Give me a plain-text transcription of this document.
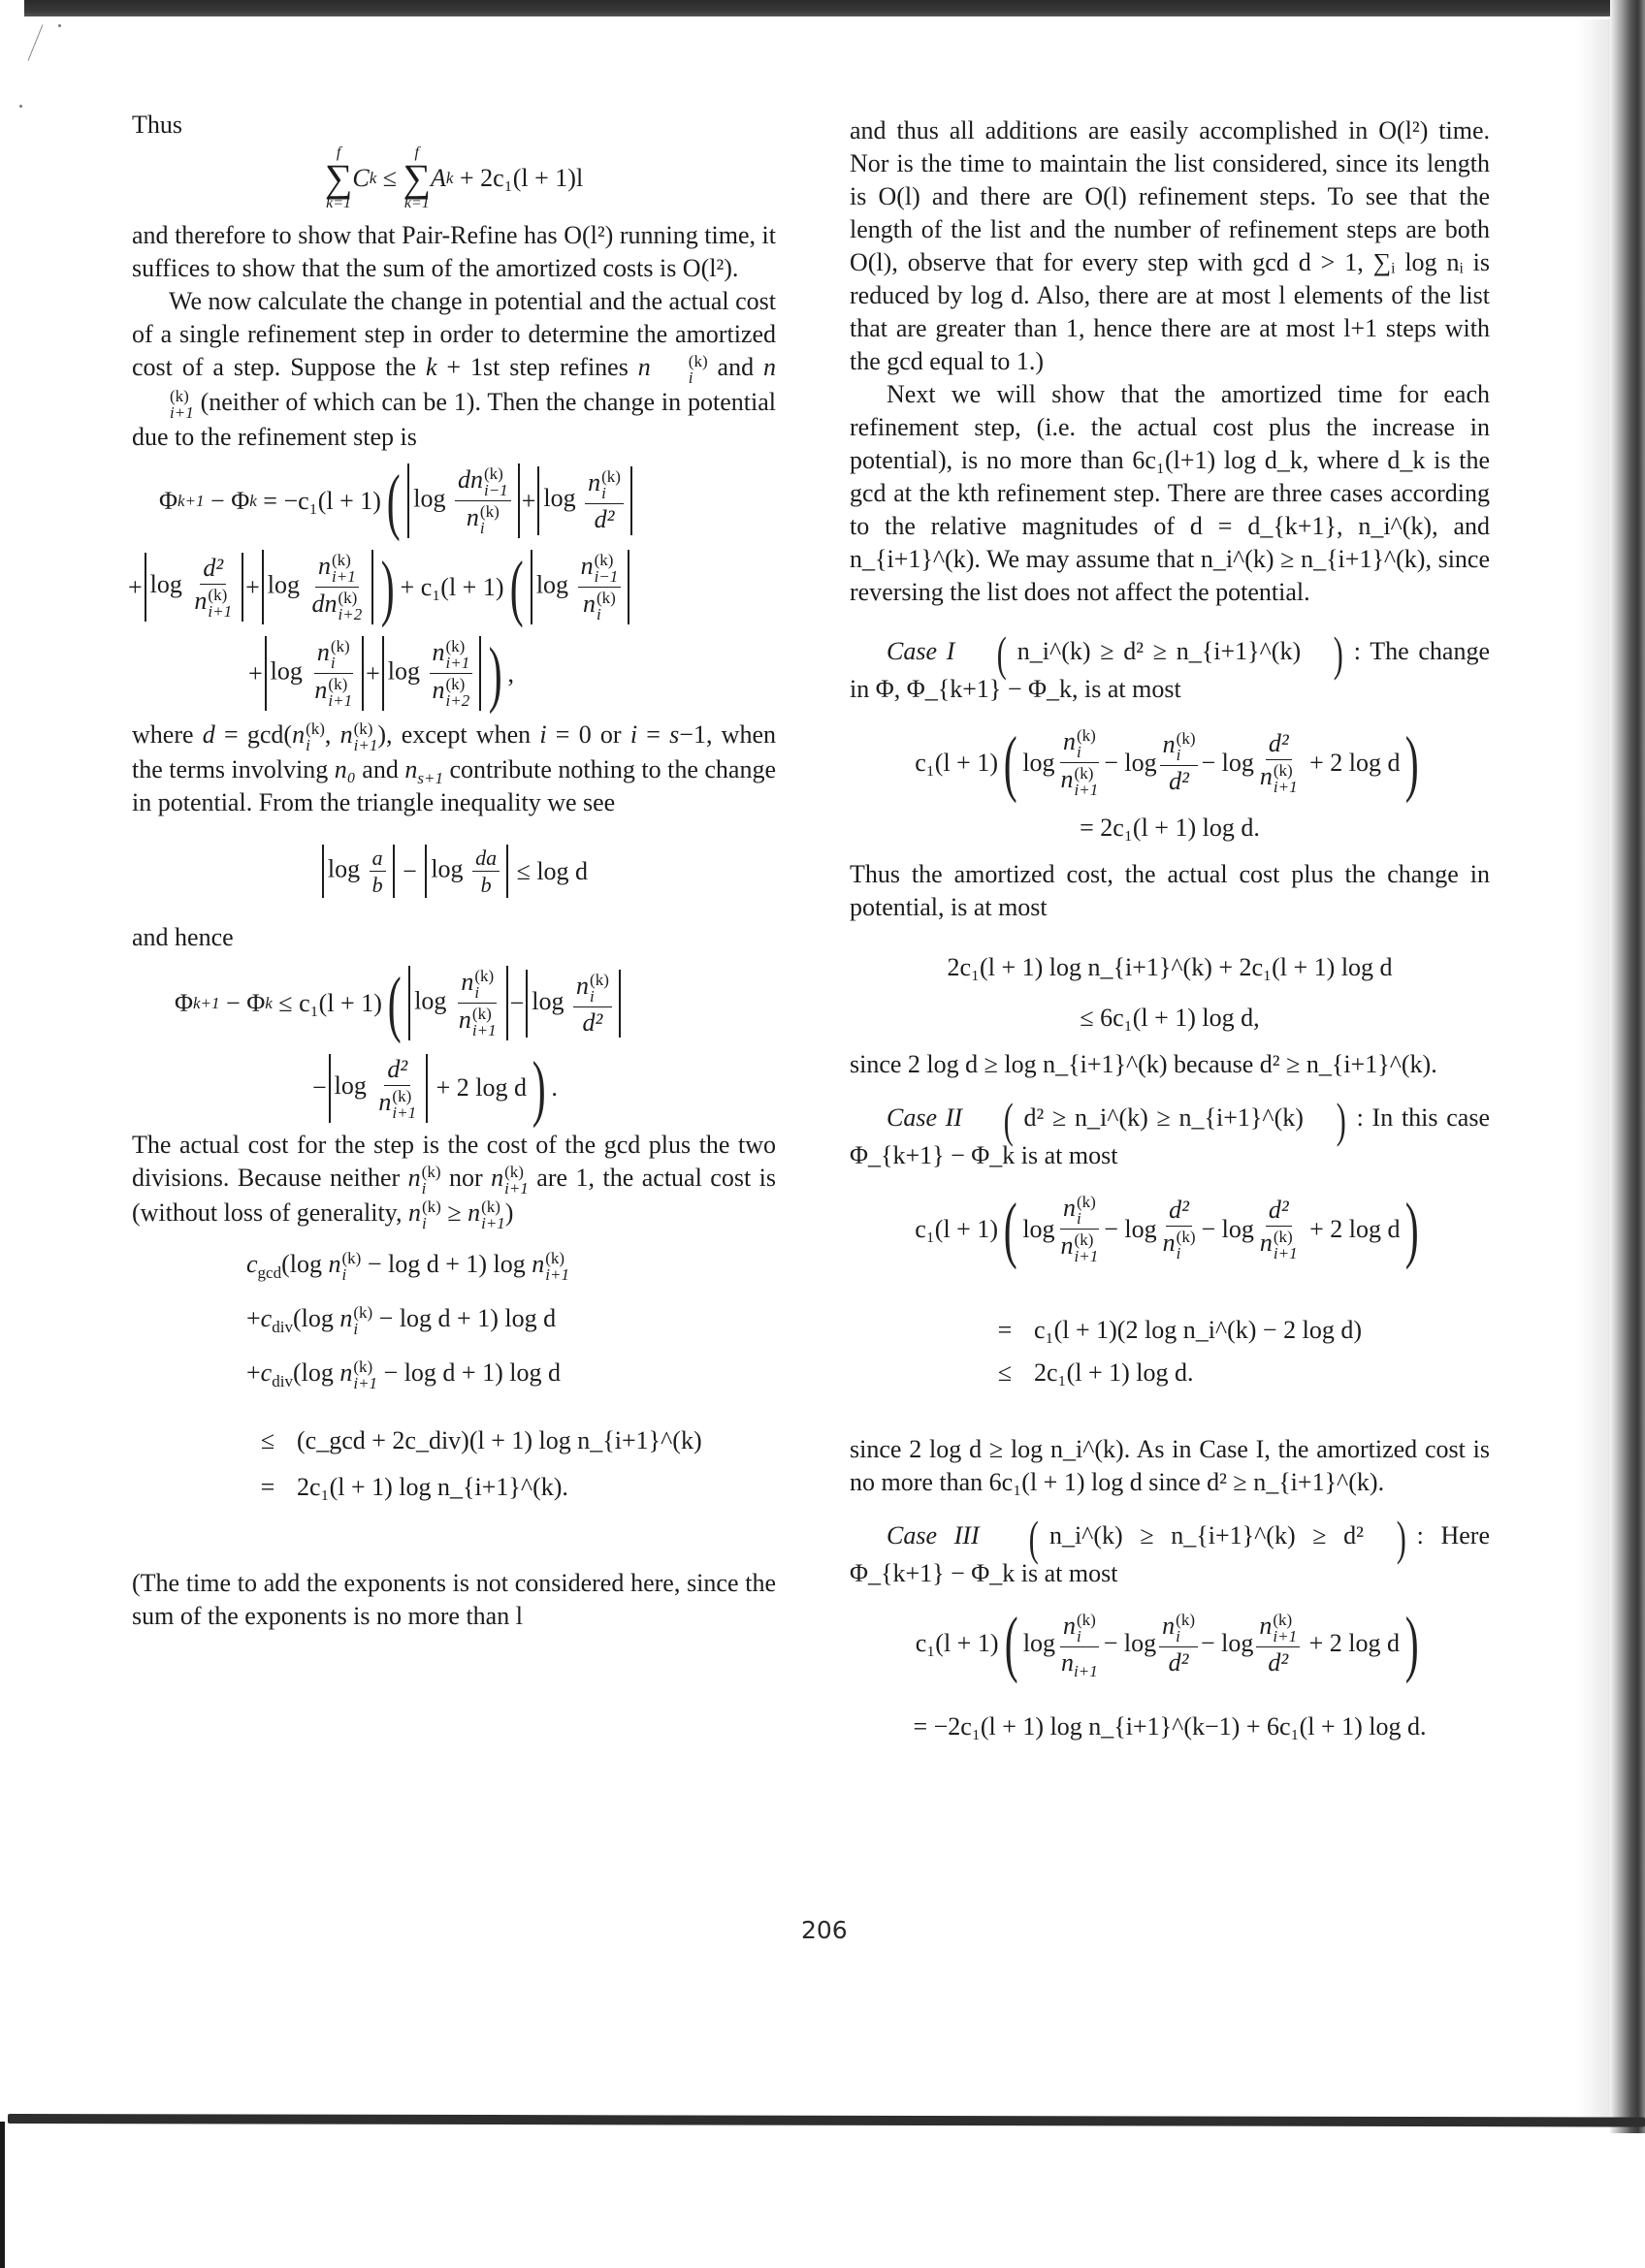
Thus

f
∑
k=1
C k
≤

f
∑
k=1
A k
+ 2c₁(l + 1)l

and therefore to show that Pair-Refine has O(l²) running time, it suffices to show that the sum of the amortized costs is O(l²).

We now calculate the change in potential and the actual cost of a single refinement step in order to determine the amortized cost of a step. Suppose the k + 1st step refines n	(k)
i and n
(k)
i+1 (neither of which can be 1). Then the change in potential due to the refinement step is

Φ k+1
−
Φ k
=
−c₁(l + 1) ( log dn (k)
i−1
n (k)
i + log n (k)
i
d²
+ log d²
n (k)
i+1 + log n (k)
i+1
dn (k)
i+2 ) + c₁(l + 1) ( log n (k)
i−1
n (k)
i
+ log n (k)
i
n (k)
i+1 + log n (k)
i+1
n (k)
i+2 ) ,

where d = gcd(n (k)
i , n (k)
i+1 ), except when i = 0 or i = s−1, when the terms involving n₀ and $n_{s+1}$ contribute nothing to the change in potential. From the triangle inequality we see

$\log \frac{a}{b}$
−
$\log \frac{da}{b}$
≤ log d

and hence

Φ k+1
−
Φ k
≤
c₁(l + 1) ( log n (k)
i
n (k)
i+1 − log n (k)
i
d²
− log d²
n (k)
i+1
+ 2 log d ) .

The actual cost for the step is the cost of the gcd plus the two divisions. Because neither n (k)
i nor n (k)
i+1 are 1, the actual cost is (without loss of generality, n (k)
i ≥ n (k)
i+1 )

$c_{gcd}(\log$ n (k)
i − log d + 1) log n (k)
i+1
$+c_{div}(\log$ n (k)
i − log d + 1) log d
$+c_{div}(\log$ n (k)
i+1 − log d + 1) log d
≤ (c_gcd + 2c_div)(l + 1) log n_{i+1}^(k)
= 2c₁(l + 1) log n_{i+1}^(k).

(The time to add the exponents is not considered here, since the sum of the exponents is no more than l

and thus all additions are easily accomplished in O(l²) time. Nor is the time to maintain the list considered, since its length is O(l) and there are O(l) refinement steps. To see that the length of the list and the number of refinement steps are both O(l), observe that for every step with gcd d > 1, ∑ᵢ log nᵢ is reduced by log d. Also, there are at most l elements of the list that are greater than 1, hence there are at most l+1 steps with the gcd equal to 1.)

Next we will show that the amortized time for each refinement step, (i.e. the actual cost plus the increase in potential), is no more than 6c₁(l+1) log d_k, where d_k is the gcd at the kth refinement step. There are three cases according to the relative magnitudes of d = d_{k+1}, n_i^(k), and n_{i+1}^(k). We may assume that n_i^(k) ≥ n_{i+1}^(k), since reversing the list does not affect the potential.

Case I ( n_i^(k) ≥ d² ≥ n_{i+1}^(k) ) : The change in Φ, Φ_{k+1} − Φ_k, is at most

c₁(l + 1) ( log n (k)
i
n (k)
i+1 −
log n (k)
i
d² −
log d²
n (k)
i+1
+ 2 log d )
= 2c₁(l + 1) log d.

Thus the amortized cost, the actual cost plus the change in potential, is at most

2c₁(l + 1) log n_{i+1}^(k) + 2c₁(l + 1) log d
≤ 6c₁(l + 1) log d,

since 2 log d ≥ log n_{i+1}^(k) because d² ≥ n_{i+1}^(k).

Case II ( d² ≥ n_i^(k) ≥ n_{i+1}^(k) ) : In this case Φ_{k+1} − Φ_k is at most

c₁(l + 1) ( log n (k)
i
n (k)
i+1 −
log d²
n (k)
i −
log d²
n (k)
i+1
+ 2 log d )
= c₁(l + 1)(2 log n_i^(k) − 2 log d)
≤ 2c₁(l + 1) log d.

since 2 log d ≥ log n_i^(k). As in Case I, the amortized cost is no more than 6c₁(l + 1) log d since d² ≥ n_{i+1}^(k).

Case III ( n_i^(k) ≥ n_{i+1}^(k) ≥ d² ) : Here Φ_{k+1} − Φ_k is at most

c₁(l + 1) ( log n (k)
i
$n_{i+1}$ −
log n (k)
i
d² −
log n (k)
i+1
d²
+ 2 log d )
= −2c₁(l + 1) log n_{i+1}^(k−1) + 6c₁(l + 1) log d.
206
